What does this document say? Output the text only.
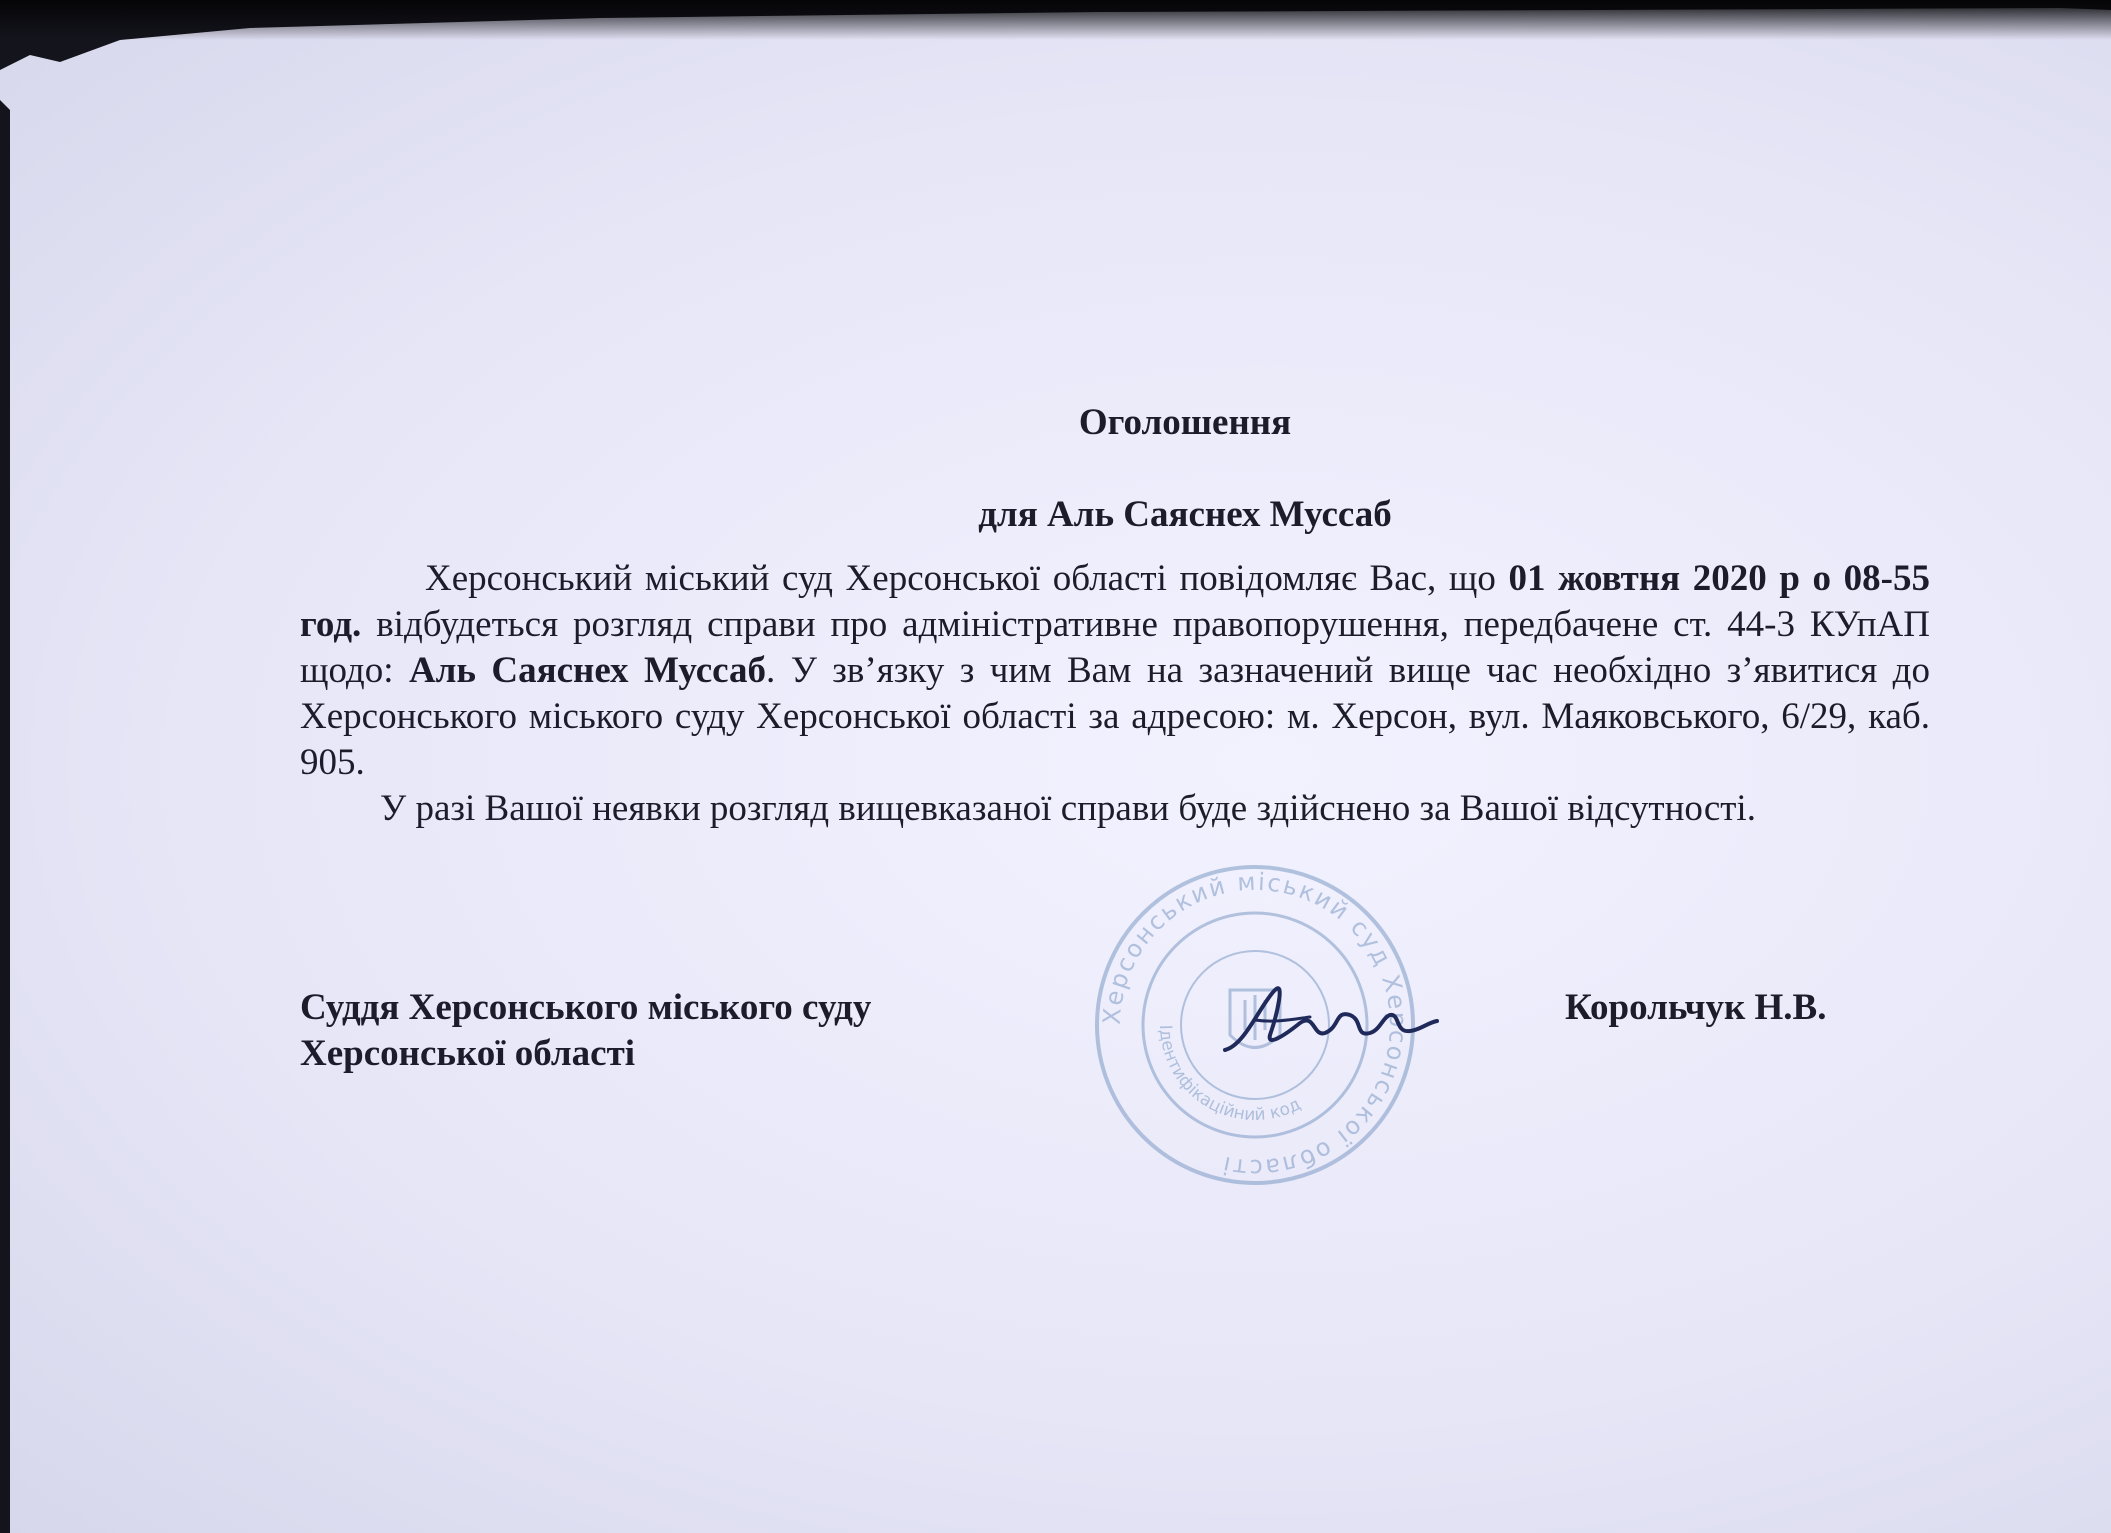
Херсонський міський суд Херсонської області
Ідентифікаційний код

Оголошення

для Аль Саяснех Муссаб

Херсонський міський суд Херсонської області повідомляє Вас, що 01 жовтня 2020 р о 08-55 год. відбудеться розгляд справи про адміністративне правопорушення, передбачене ст. 44-3 КУпАП щодо: Аль Саяснех Муссаб. У зв’язку з чим Вам на зазначений вище час необхідно з’явитися до Херсонського міського суду Херсонської області за адресою: м. Херсон, вул. Маяковського, 6/29, каб. 905.

У разі Вашої неявки розгляд вищевказаної справи буде здійснено за Вашої відсутності.

Суддя Херсонського міського суду
Херсонської області
Корольчук Н.В.
